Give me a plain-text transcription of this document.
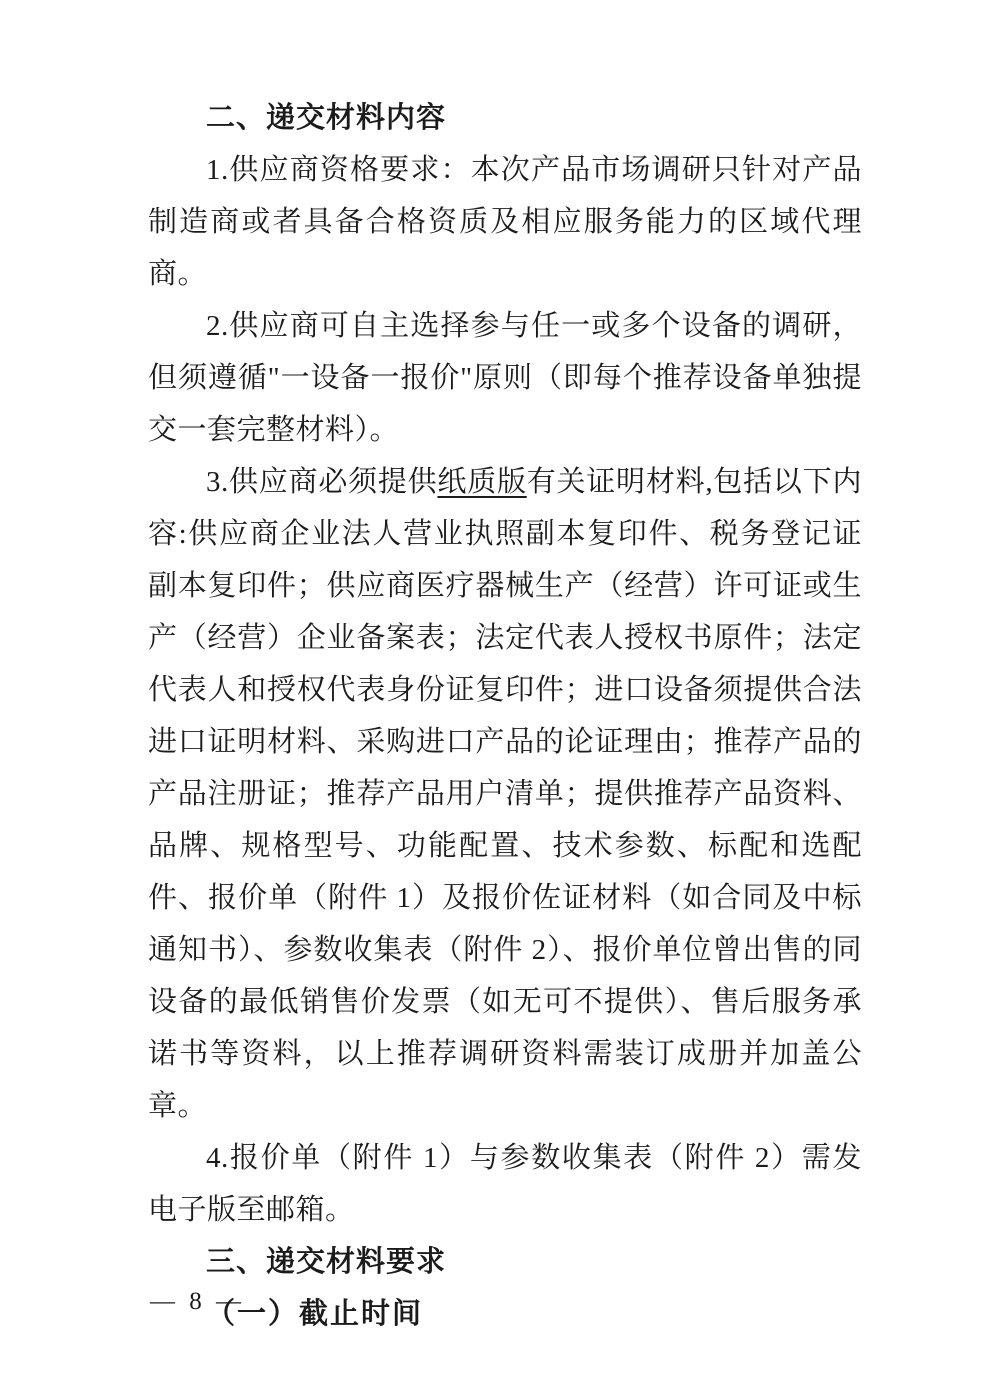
二、递交材料内容

1.供应商资格要求：本次产品市场调研只针对产品制造商或者具备合格资质及相应服务能力的区域代理商。

2.供应商可自主选择参与任一或多个设备的调研，但须遵循"一设备一报价"原则（即每个推荐设备单独提交一套完整材料）。

3.供应商必须提供纸质版有关证明材料,包括以下内容:供应商企业法人营业执照副本复印件、税务登记证副本复印件；供应商医疗器械生产（经营）许可证或生产（经营）企业备案表；法定代表人授权书原件；法定代表人和授权代表身份证复印件；进口设备须提供合法进口证明材料、采购进口产品的论证理由；推荐产品的产品注册证；推荐产品用户清单；提供推荐产品资料、品牌、规格型号、功能配置、技术参数、标配和选配件、报价单（附件 1）及报价佐证材料（如合同及中标通知书）、参数收集表（附件 2）、报价单位曾出售的同设备的最低销售价发票（如无可不提供）、售后服务承诺书等资料，以上推荐调研资料需装订成册并加盖公章。

4.报价单（附件 1）与参数收集表（附件 2）需发电子版至邮箱。

三、递交材料要求
（一）截止时间
— 8 —
